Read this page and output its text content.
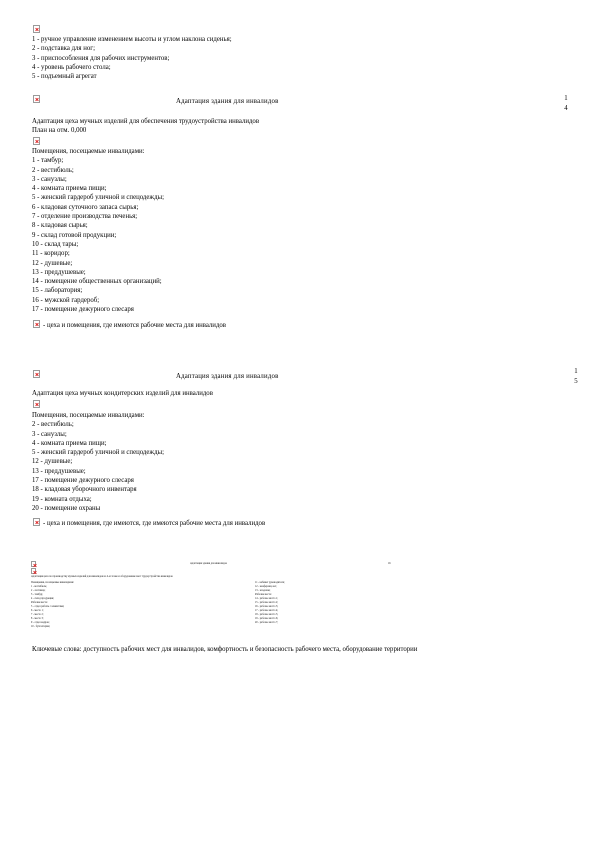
1 - ручное управление изменением высоты и углом наклона сиденья;
2 - подставка для ног;
3 - приспособления для рабочих инструментов;
4 - уровень рабочего стола;
5 - подъемный агрегат
Адаптация здания для инвалидов	1
4
Адаптация цеха мучных изделий для обеспечения трудоустройства инвалидов
План на отм. 0,000
Помещения, посещаемые инвалидами:
1 - тамбур;
2 - вестибюль;
3 - санузлы;
4 - комната приема пищи;
5 - женский гардероб уличной и спецодежды;
6 - кладовая суточного запаса сырья;
7 - отделение производства печенья;
8 - кладовая сырья;
9 - склад готовой продукции;
10 - склад тары;
11 - коридор;
12 - душевые;
13 - преддушевые;
14 - помещение общественных организаций;
15 - лаборатория;
16 - мужской гардероб;
17 - помещение дежурного слесаря
- цеха и помещения, где имеются рабочие места для инвалидов
Адаптация здания для инвалидов
1
5
Адаптация цеха мучных кондитерских изделий для инвалидов
Помещения, посещаемые инвалидами:
2 - вестибюль;
3 - санузлы;
4 - комната приема пищи;
5 - женский гардероб уличной и спецодежды;
12 - душевые;
13 - преддушевые;
17 - помещение дежурного слесаря
18 - кладовая уборочного инвентаря
19 - комната отдыха;
20 - помещение охраны
- цеха и помещения, где имеются, где имеются рабочие места для инвалидов
Адаптация здания для инвалидов	16
Адаптация цеха по производству мучных изделий для инвалидов на 2-м этаже и оборудование мест трудоустройства инвалидов
Помещения, посещаемые инвалидами:
1 - вестибюль;
2 - лестница;
3 - тамбур;
4 - склад продукции;
Рабочие места:
5 - отдел работы с клиентами;
6 - место 1;
7 - место 2;
8 - место 3;
9 - отдел кадров;
10 - бухгалтерия;
11 - кабинет руководителя;
12 - конференц-зал;
13 - кладовая;
Рабочие места:
14 - рабочее место 1;
15 - рабочее место 2;
16 - рабочее место 3;
17 - рабочее место 4;
18 - рабочее место 5;
19 - рабочее место 6;
20 - рабочее место 7;
Ключевые слова: доступность рабочих мест для инвалидов, комфортность и безопасность рабочего места, оборудование территории
